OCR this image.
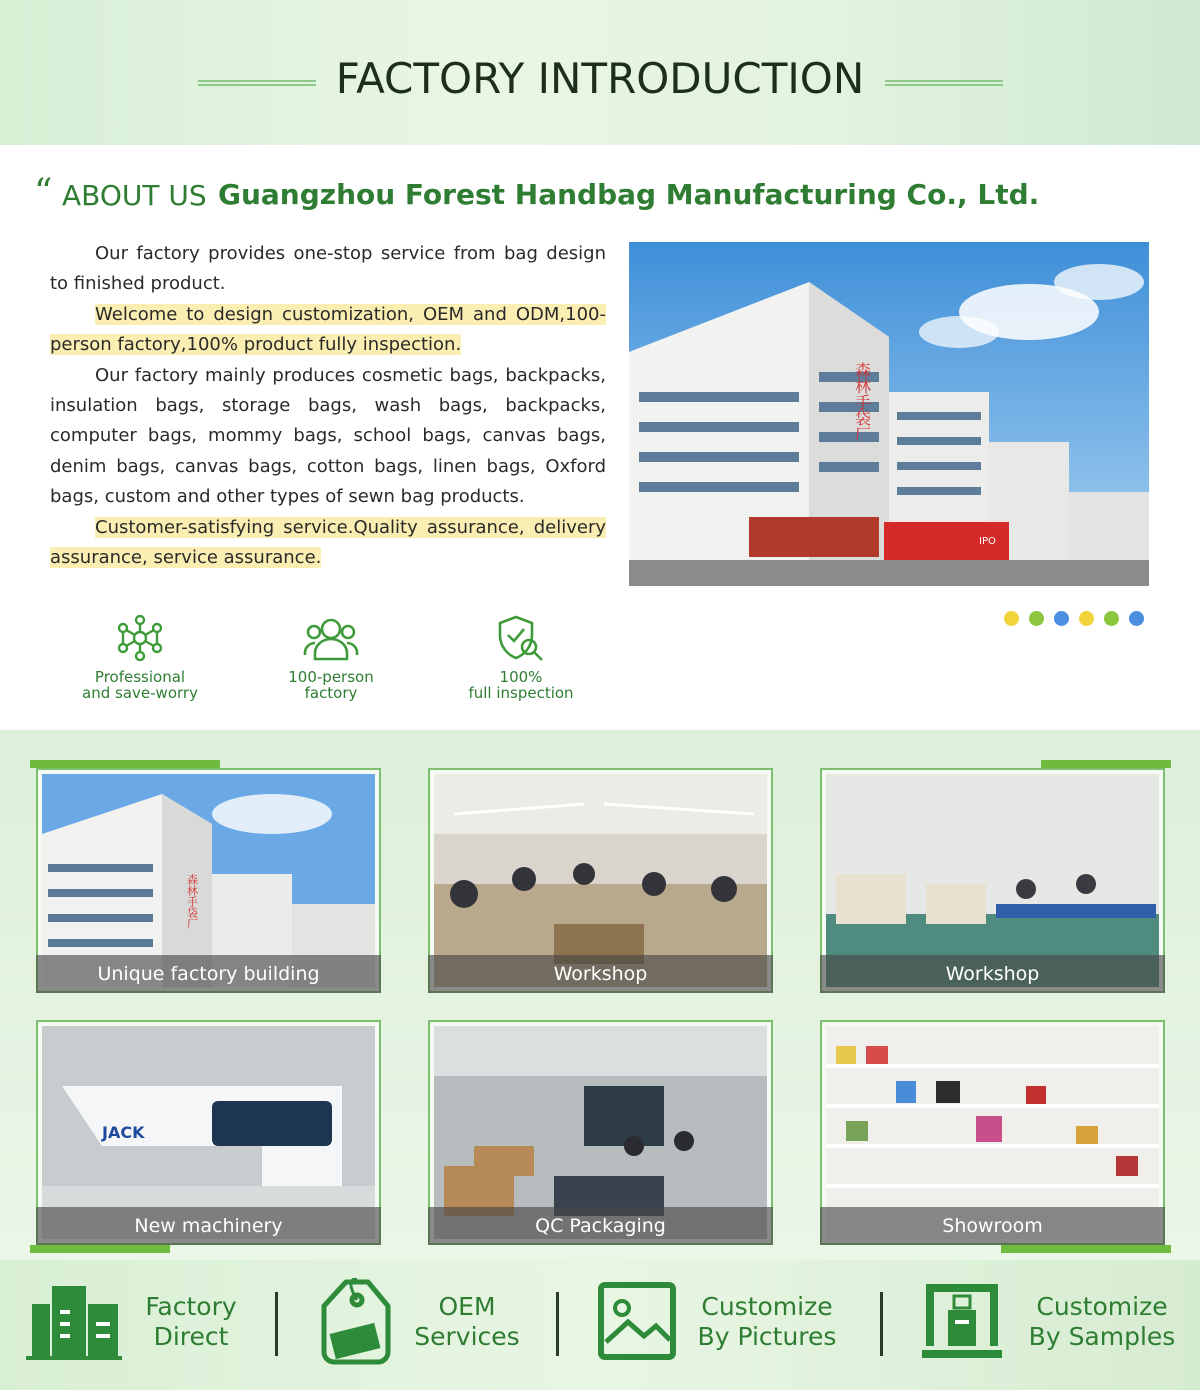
FACTORY INTRODUCTION
“ ABOUT US Guangzhou Forest Handbag Manufacturing Co., Ltd.

Our factory provides one-stop service from bag design to finished product.

Welcome to design customization, OEM and ODM,100-person factory,100% product fully inspection.

Our factory mainly produces cosmetic bags, backpacks, insulation bags, storage bags, wash bags, backpacks, computer bags, mommy bags, school bags, canvas bags, denim bags, canvas bags, cotton bags, linen bags, Oxford bags, custom and other types of sewn bag products.

Customer-satisfying service.Quality assurance, delivery assurance, service assurance.

森林手袋厂
IPO
Professional
and save-worry
100-person
factory
100%
full inspection
森林手袋厂
Unique factory building	Workshop	Workshop
JACK
New machinery	QC Packaging	Showroom
Factory
Direct
OEM
Services
Customize
By Pictures
Customize
By Samples
